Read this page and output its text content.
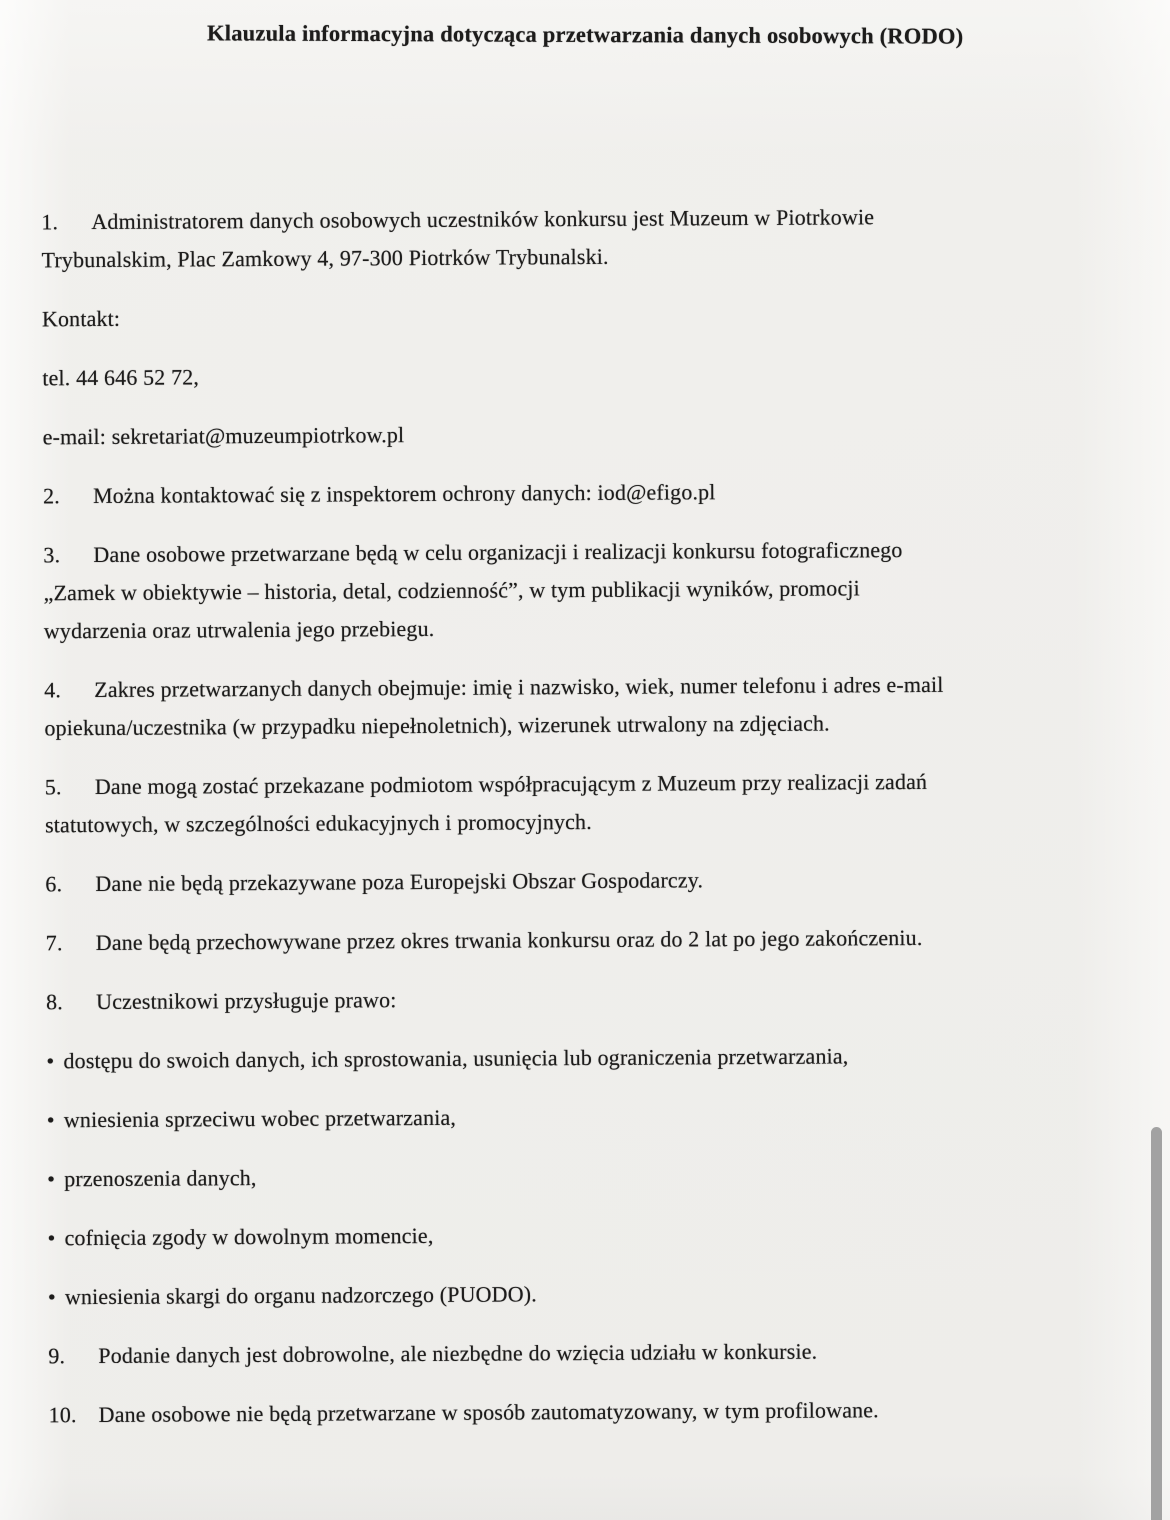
Klauzula informacyjna dotycząca przetwarzania danych osobowych (RODO)

1. Administratorem danych osobowych uczestników konkursu jest Muzeum w Piotrkowie
Trybunalskim, Plac Zamkowy 4, 97-300 Piotrków Trybunalski.

Kontakt:

tel. 44 646 52 72,

e-mail: sekretariat@muzeumpiotrkow.pl

2. Można kontaktować się z inspektorem ochrony danych: iod@efigo.pl

3. Dane osobowe przetwarzane będą w celu organizacji i realizacji konkursu fotograficznego
„Zamek w obiektywie – historia, detal, codzienność”, w tym publikacji wyników, promocji
wydarzenia oraz utrwalenia jego przebiegu.

4. Zakres przetwarzanych danych obejmuje: imię i nazwisko, wiek, numer telefonu i adres e-mail
opiekuna/uczestnika (w przypadku niepełnoletnich), wizerunek utrwalony na zdjęciach.

5. Dane mogą zostać przekazane podmiotom współpracującym z Muzeum przy realizacji zadań
statutowych, w szczególności edukacyjnych i promocyjnych.

6. Dane nie będą przekazywane poza Europejski Obszar Gospodarczy.

7. Dane będą przechowywane przez okres trwania konkursu oraz do 2 lat po jego zakończeniu.

8. Uczestnikowi przysługuje prawo:

• dostępu do swoich danych, ich sprostowania, usunięcia lub ograniczenia przetwarzania,

• wniesienia sprzeciwu wobec przetwarzania,

• przenoszenia danych,

• cofnięcia zgody w dowolnym momencie,

• wniesienia skargi do organu nadzorczego (PUODO).

9. Podanie danych jest dobrowolne, ale niezbędne do wzięcia udziału w konkursie.

10. Dane osobowe nie będą przetwarzane w sposób zautomatyzowany, w tym profilowane.
